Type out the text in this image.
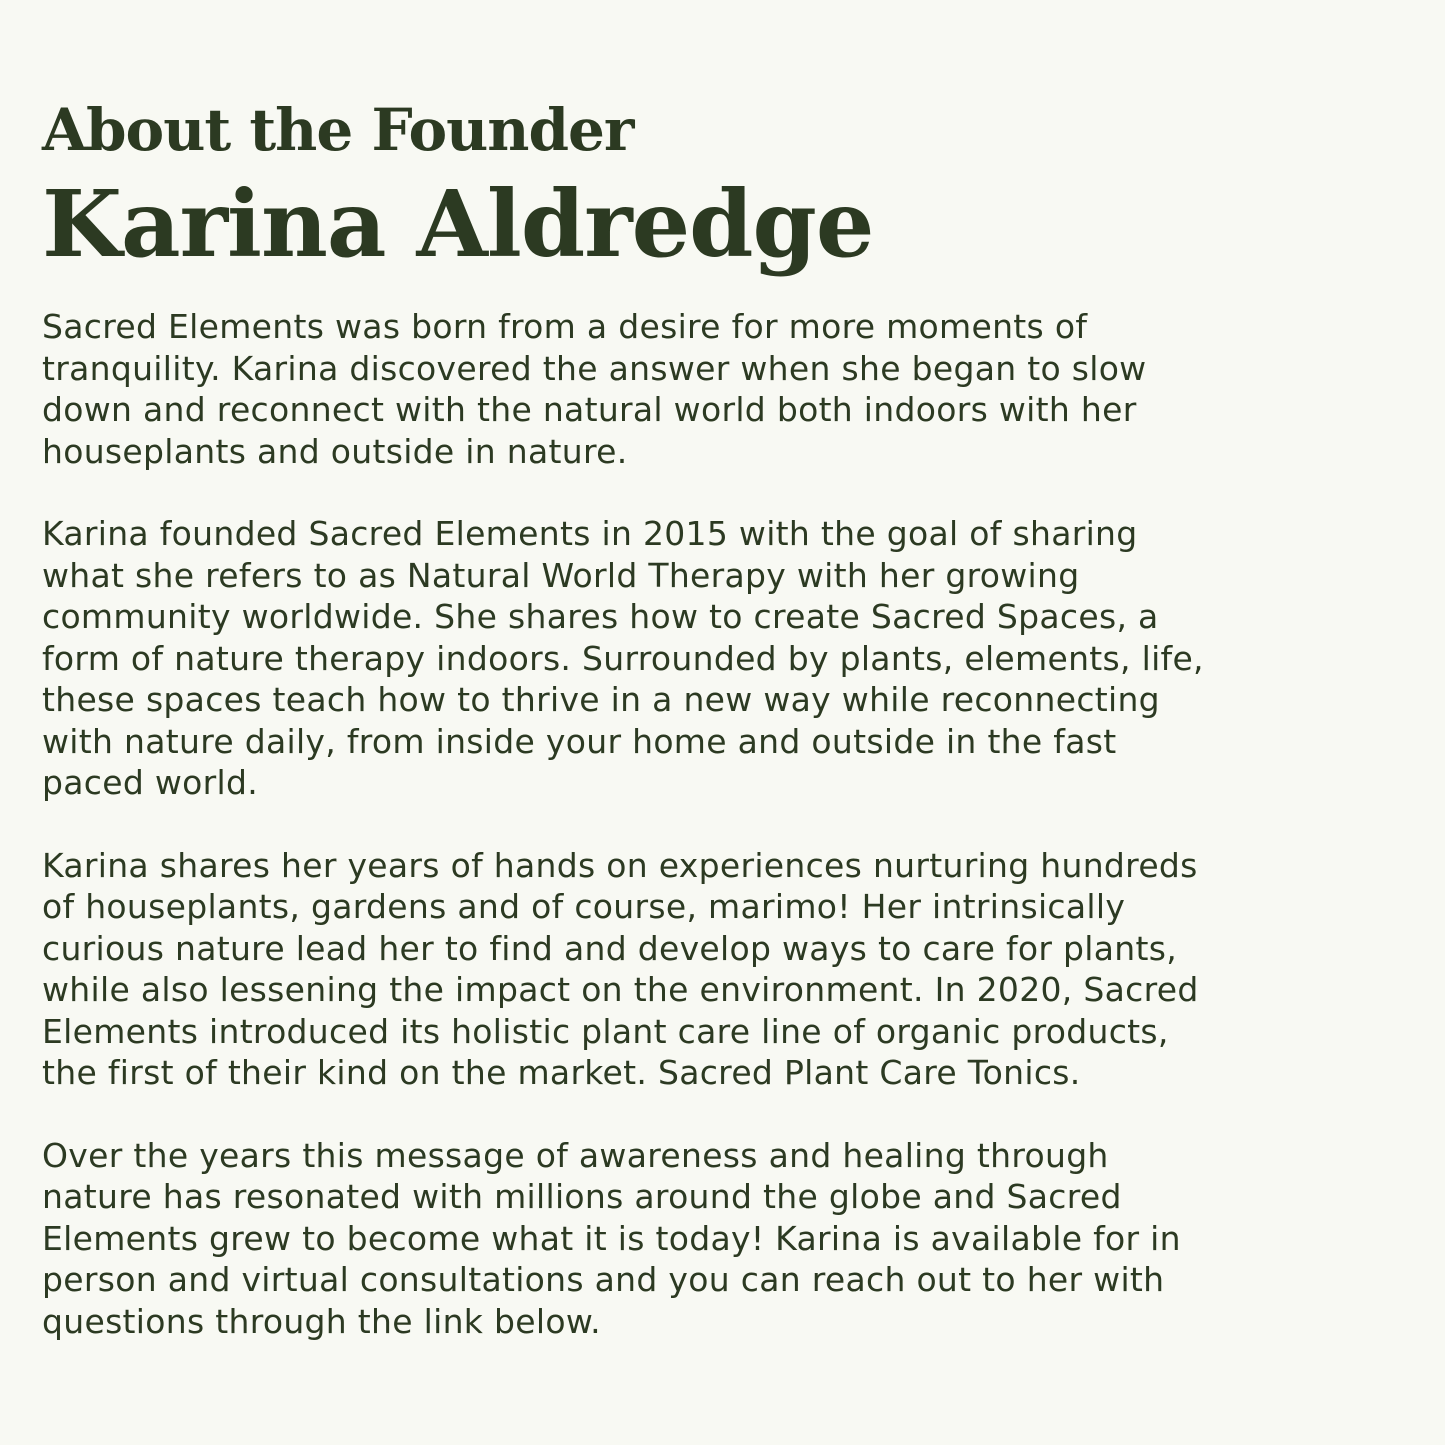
About the Founder
Karina Aldredge

Sacred Elements was born from a desire for more moments of
tranquility. Karina discovered the answer when she began to slow
down and reconnect with the natural world both indoors with her
houseplants and outside in nature.

Karina founded Sacred Elements in 2015 with the goal of sharing
what she refers to as Natural World Therapy with her growing
community worldwide. She shares how to create Sacred Spaces, a
form of nature therapy indoors. Surrounded by plants, elements, life,
these spaces teach how to thrive in a new way while reconnecting
with nature daily, from inside your home and outside in the fast
paced world.

Karina shares her years of hands on experiences nurturing hundreds
of houseplants, gardens and of course, marimo! Her intrinsically
curious nature lead her to find and develop ways to care for plants,
while also lessening the impact on the environment. In 2020, Sacred
Elements introduced its holistic plant care line of organic products,
the first of their kind on the market. Sacred Plant Care Tonics.

Over the years this message of awareness and healing through
nature has resonated with millions around the globe and Sacred
Elements grew to become what it is today! Karina is available for in
person and virtual consultations and you can reach out to her with
questions through the link below.
